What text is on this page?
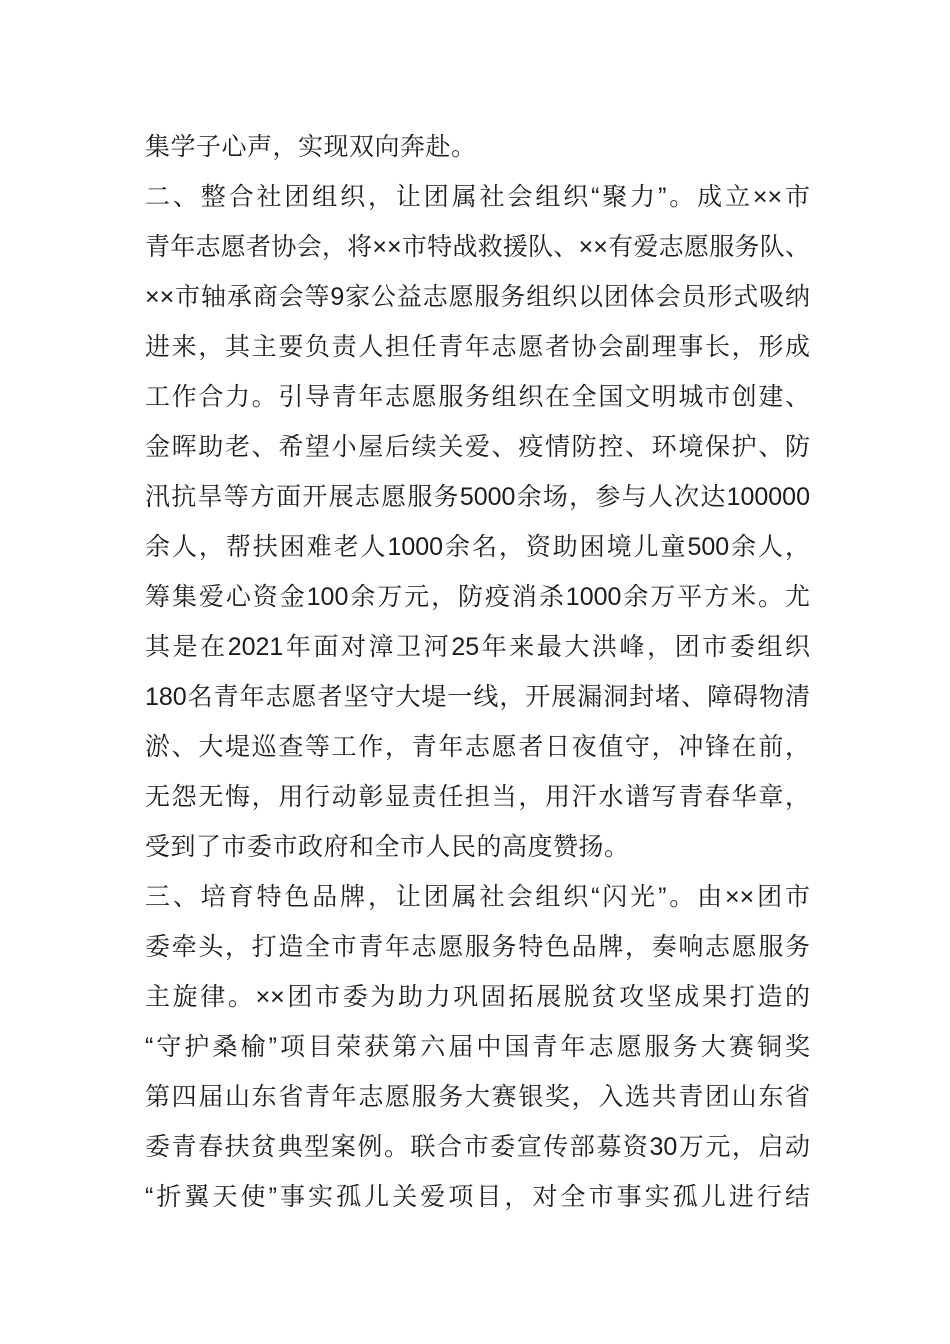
集学子心声，实现双向奔赴。
二、整合社团组织，让团属社会组织“聚力”。成立××市
青年志愿者协会，将××市特战救援队、××有爱志愿服务队、
××市轴承商会等9家公益志愿服务组织以团体会员形式吸纳
进来，其主要负责人担任青年志愿者协会副理事长，形成
工作合力。引导青年志愿服务组织在全国文明城市创建、
金晖助老、希望小屋后续关爱、疫情防控、环境保护、防
汛抗旱等方面开展志愿服务5000余场，参与人次达100000
余人，帮扶困难老人1000余名，资助困境儿童500余人，
筹集爱心资金100余万元，防疫消杀1000余万平方米。尤
其是在2021年面对漳卫河25年来最大洪峰，团市委组织
180名青年志愿者坚守大堤一线，开展漏洞封堵、障碍物清
淤、大堤巡查等工作，青年志愿者日夜值守，冲锋在前，
无怨无悔，用行动彰显责任担当，用汗水谱写青春华章，
受到了市委市政府和全市人民的高度赞扬。
三、培育特色品牌，让团属社会组织“闪光”。由××团市
委牵头，打造全市青年志愿服务特色品牌，奏响志愿服务
主旋律。××团市委为助力巩固拓展脱贫攻坚成果打造的
“守护桑榆”项目荣获第六届中国青年志愿服务大赛铜奖
第四届山东省青年志愿服务大赛银奖，入选共青团山东省
委青春扶贫典型案例。联合市委宣传部募资30万元，启动
“折翼天使”事实孤儿关爱项目，对全市事实孤儿进行结
